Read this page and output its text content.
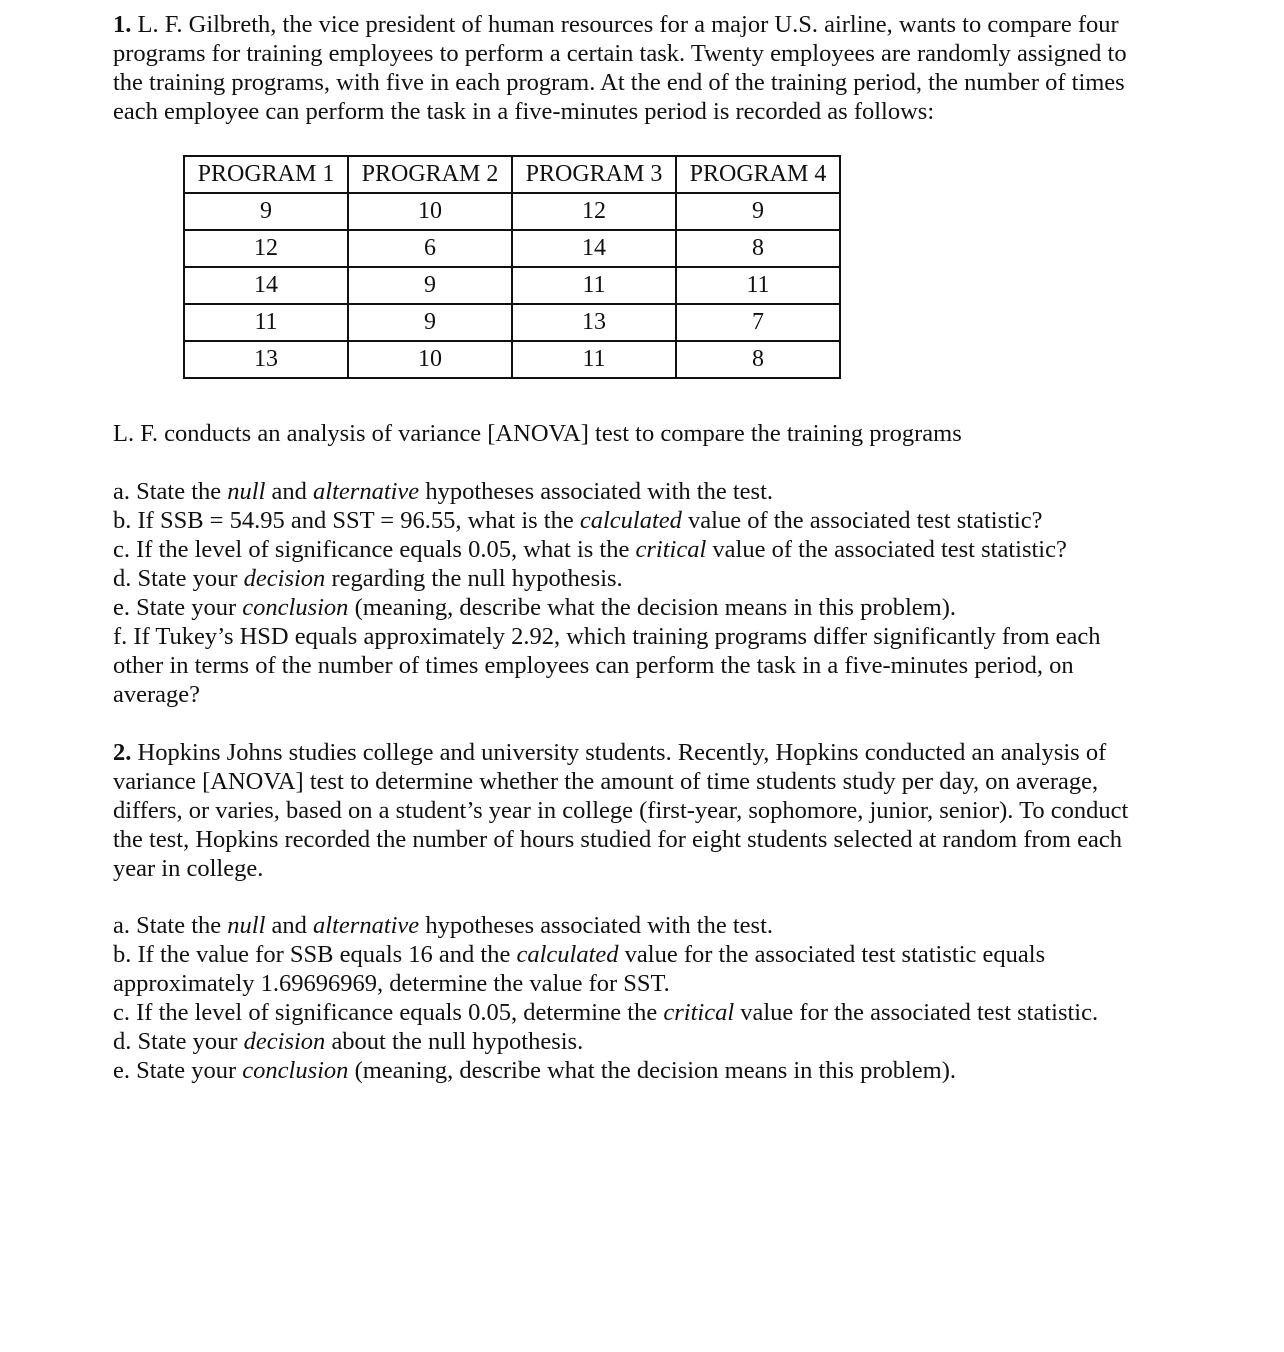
1. L. F. Gilbreth, the vice president of human resources for a major U.S. airline, wants to compare four
programs for training employees to perform a certain task. Twenty employees are randomly assigned to
the training programs, with five in each program. At the end of the training period, the number of times
each employee can perform the task in a five-minutes period is recorded as follows:
PROGRAM 1	PROGRAM 2	PROGRAM 3	PROGRAM 4
9	10	12	9
12	6	14	8
14	9	11	11
11	9	13	7
13	10	11	8
L. F. conducts an analysis of variance [ANOVA] test to compare the training programs
a. State the null and alternative hypotheses associated with the test.
b. If SSB = 54.95 and SST = 96.55, what is the calculated value of the associated test statistic?
c. If the level of significance equals 0.05, what is the critical value of the associated test statistic?
d. State your decision regarding the null hypothesis.
e. State your conclusion (meaning, describe what the decision means in this problem).
f. If Tukey’s HSD equals approximately 2.92, which training programs differ significantly from each
other in terms of the number of times employees can perform the task in a five-minutes period, on
average?
2. Hopkins Johns studies college and university students. Recently, Hopkins conducted an analysis of
variance [ANOVA] test to determine whether the amount of time students study per day, on average,
differs, or varies, based on a student’s year in college (first-year, sophomore, junior, senior). To conduct
the test, Hopkins recorded the number of hours studied for eight students selected at random from each
year in college.
a. State the null and alternative hypotheses associated with the test.
b. If the value for SSB equals 16 and the calculated value for the associated test statistic equals
approximately 1.69696969, determine the value for SST.
c. If the level of significance equals 0.05, determine the critical value for the associated test statistic.
d. State your decision about the null hypothesis.
e. State your conclusion (meaning, describe what the decision means in this problem).
